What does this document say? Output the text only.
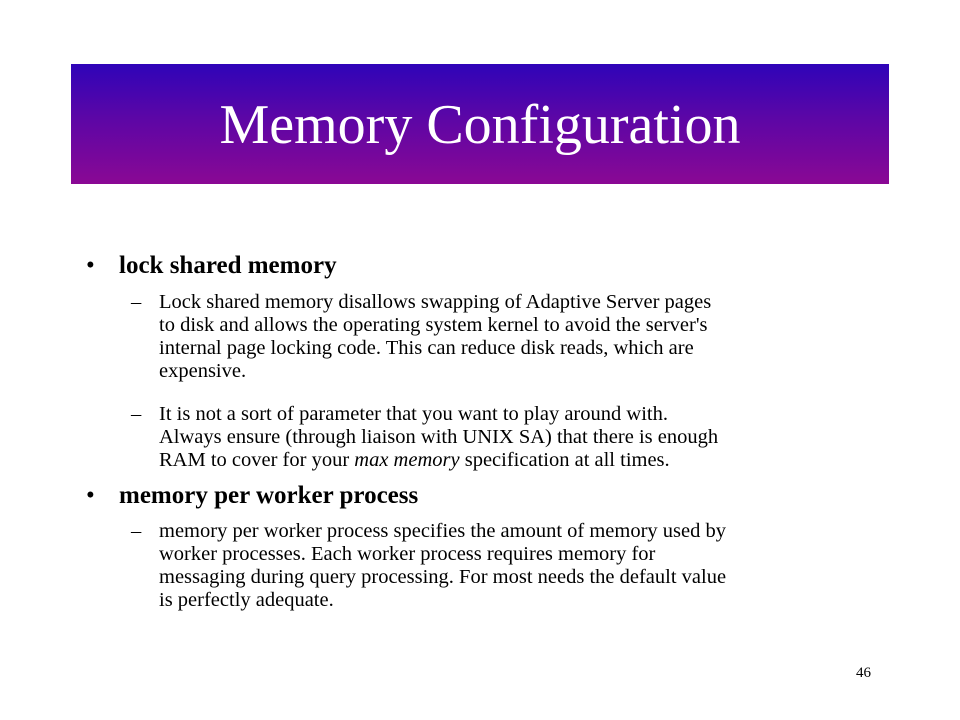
Memory Configuration
• lock shared memory
– Lock shared memory disallows swapping of Adaptive Server pages
to disk and allows the operating system kernel to avoid the server's
internal page locking code. This can reduce disk reads, which are
expensive.
– It is not a sort of parameter that you want to play around with.
Always ensure (through liaison with UNIX SA) that there is enough
RAM to cover for your max memory specification at all times.
• memory per worker process
– memory per worker process specifies the amount of memory used by
worker processes. Each worker process requires memory for
messaging during query processing. For most needs the default value
is perfectly adequate.
46
